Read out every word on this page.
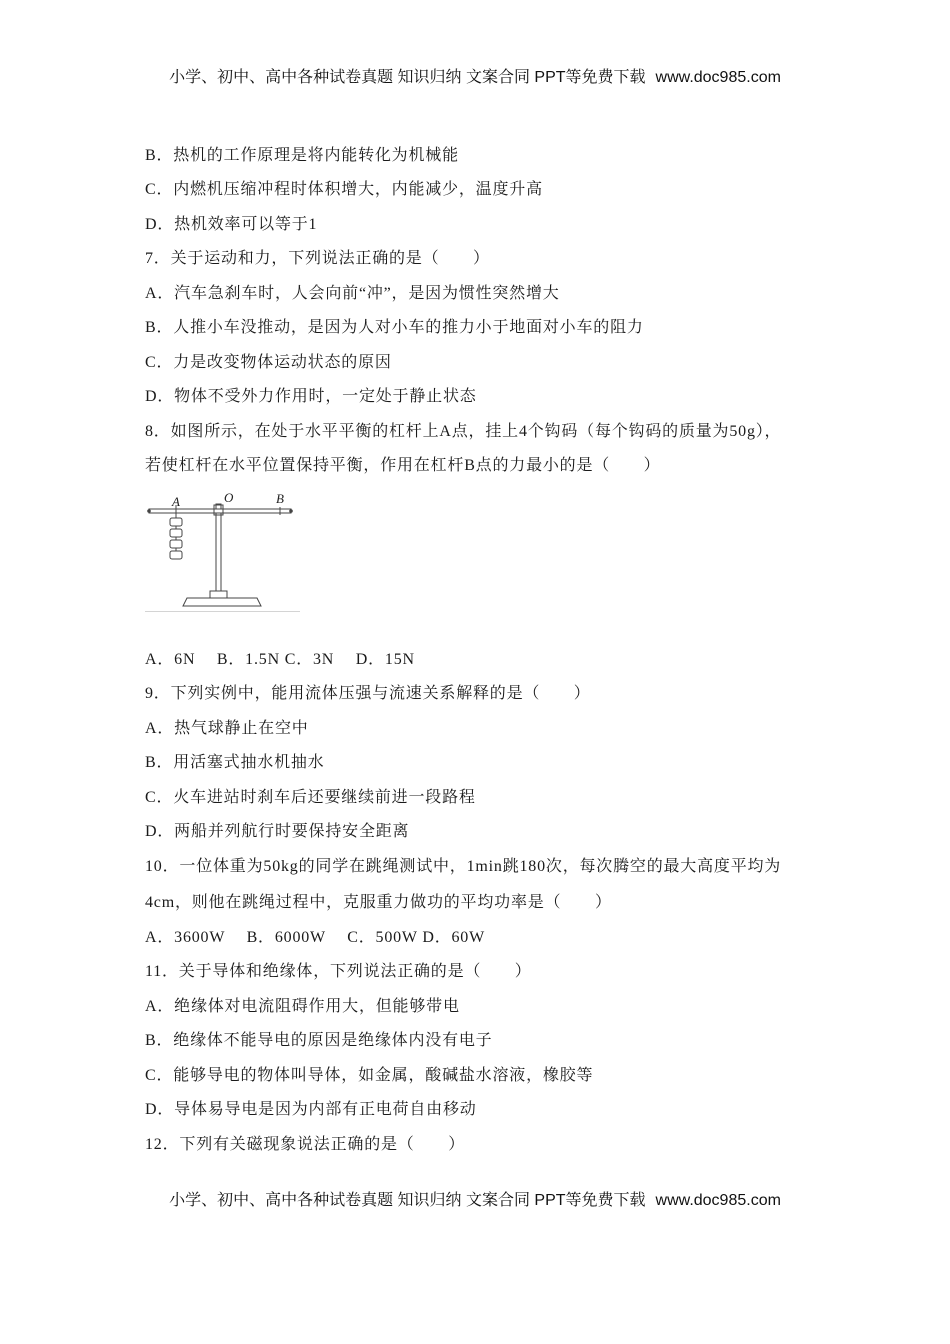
小学、初中、高中各种试卷真题 知识归纳 文案合同 PPT等免费下载 www.doc985.com
B．热机的工作原理是将内能转化为机械能
C．内燃机压缩冲程时体积增大，内能减少，温度升高
D．热机效率可以等于1
7．关于运动和力，下列说法正确的是（　　）
A．汽车急刹车时，人会向前“冲”，是因为惯性突然增大
B．人推小车没推动，是因为人对小车的推力小于地面对小车的阻力
C．力是改变物体运动状态的原因
D．物体不受外力作用时，一定处于静止状态
8．如图所示，在处于水平平衡的杠杆上A点，挂上4个钩码（每个钩码的质量为50g），
若使杠杆在水平位置保持平衡，作用在杠杆B点的力最小的是（　　）
A	O	B
A．6N　 B．1.5N C．3N　 D．15N
9．下列实例中，能用流体压强与流速关系解释的是（　　）
A．热气球静止在空中
B．用活塞式抽水机抽水
C．火车进站时刹车后还要继续前进一段路程
D．两船并列航行时要保持安全距离
10．一位体重为50kg的同学在跳绳测试中，1min跳180次，每次腾空的最大高度平均为
4cm，则他在跳绳过程中，克服重力做功的平均功率是（　　）
A．3600W　 B．6000W　 C．500W D．60W
11．关于导体和绝缘体，下列说法正确的是（　　）
A．绝缘体对电流阻碍作用大，但能够带电
B．绝缘体不能导电的原因是绝缘体内没有电子
C．能够导电的物体叫导体，如金属，酸碱盐水溶液，橡胶等
D．导体易导电是因为内部有正电荷自由移动
12．下列有关磁现象说法正确的是（　　）
小学、初中、高中各种试卷真题 知识归纳 文案合同 PPT等免费下载 www.doc985.com
